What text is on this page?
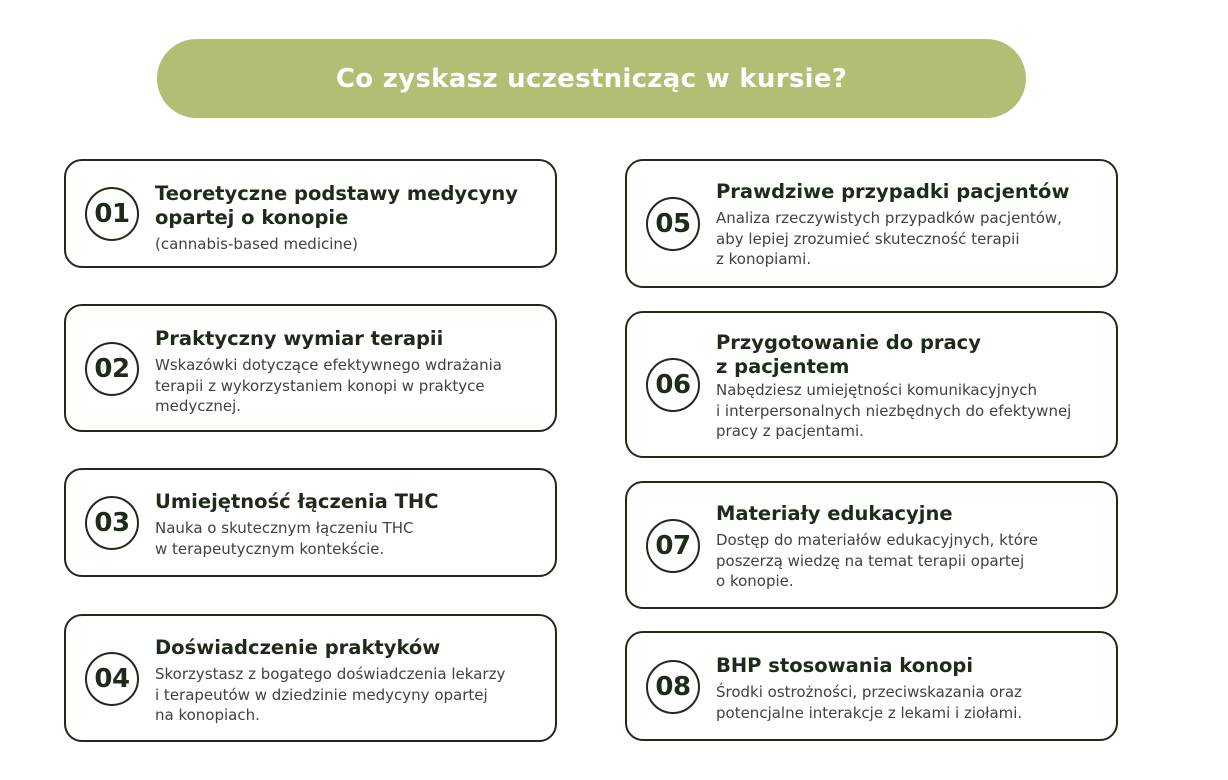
Co zyskasz uczestnicząc w kursie?
01
Teoretyczne podstawy medycyny
opartej o konopie
(cannabis-based medicine)
02
Praktyczny wymiar terapii
Wskazówki dotyczące efektywnego wdrażania
terapii z wykorzystaniem konopi w praktyce
medycznej.
03
Umiejętność łączenia THC
Nauka o skutecznym łączeniu THC
w terapeutycznym kontekście.
04
Doświadczenie praktyków
Skorzystasz z bogatego doświadczenia lekarzy
i terapeutów w dziedzinie medycyny opartej
na konopiach.
05
Prawdziwe przypadki pacjentów
Analiza rzeczywistych przypadków pacjentów,
aby lepiej zrozumieć skuteczność terapii
z konopiami.
06
Przygotowanie do pracy
z pacjentem
Nabędziesz umiejętności komunikacyjnych
i interpersonalnych niezbędnych do efektywnej
pracy z pacjentami.
07
Materiały edukacyjne
Dostęp do materiałów edukacyjnych, które
poszerzą wiedzę na temat terapii opartej
o konopie.
08
BHP stosowania konopi
Środki ostrożności, przeciwskazania oraz
potencjalne interakcje z lekami i ziołami.
